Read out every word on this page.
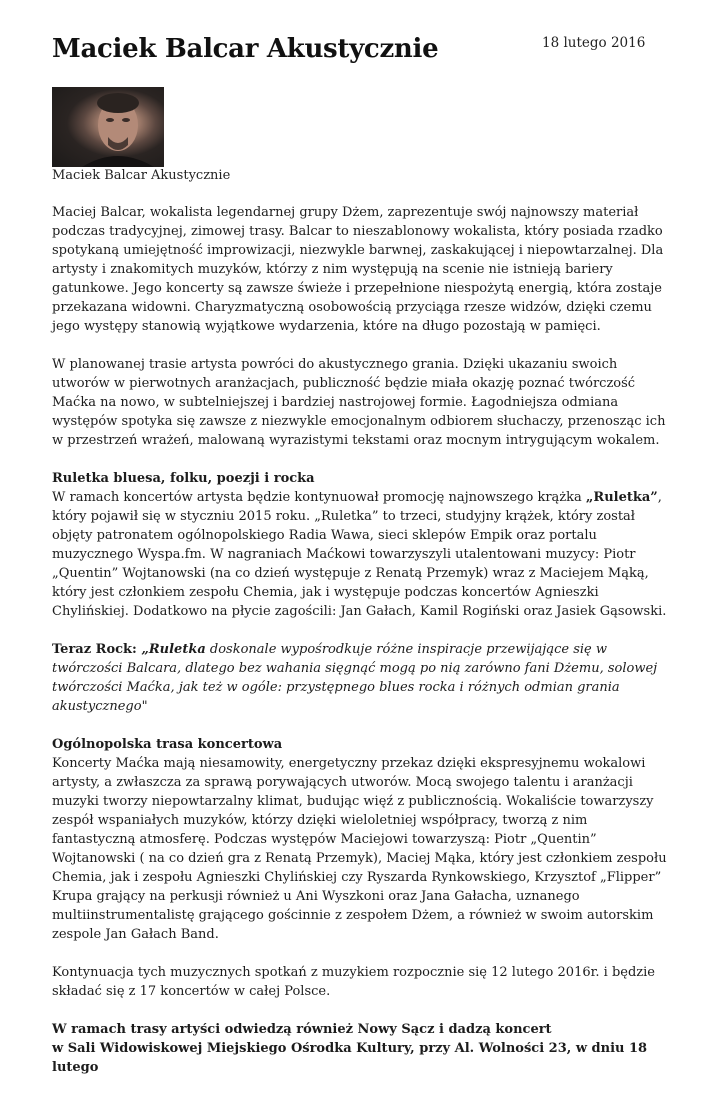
Maciek Balcar Akustycznie	18 lutego 2016
Maciek Balcar Akustycznie

Maciej Balcar, wokalista legendarnej grupy Dżem, zaprezentuje swój najnowszy materiał podczas tradycyjnej, zimowej trasy. Balcar to nieszablonowy wokalista, który posiada rzadko spotykaną umiejętność improwizacji, niezwykle barwnej, zaskakującej i niepowtarzalnej. Dla artysty i znakomitych muzyków, którzy z nim występują na scenie nie istnieją bariery gatunkowe. Jego koncerty są zawsze świeże i przepełnione niespożytą energią, która zostaje przekazana widowni. Charyzmatyczną osobowością przyciąga rzesze widzów, dzięki czemu jego występy stanowią wyjątkowe wydarzenia, które na długo pozostają w pamięci.

W planowanej trasie artysta powróci do akustycznego grania. Dzięki ukazaniu swoich utworów w pierwotnych aranżacjach, publiczność będzie miała okazję poznać twórczość Maćka na nowo, w subtelniejszej i bardziej nastrojowej formie. Łagodniejsza odmiana występów spotyka się zawsze z niezwykle emocjonalnym odbiorem słuchaczy, przenosząc ich w przestrzeń wrażeń, malowaną wyrazistymi tekstami oraz mocnym intrygującym wokalem.

Ruletka bluesa, folku, poezji i rocka
W ramach koncertów artysta będzie kontynuował promocję najnowszego krążka „Ruletka”, który pojawił się w styczniu 2015 roku. „Ruletka” to trzeci, studyjny krążek, który został objęty patronatem ogólnopolskiego Radia Wawa, sieci sklepów Empik oraz portalu muzycznego Wyspa.fm. W nagraniach Maćkowi towarzyszyli utalentowani muzycy: Piotr „Quentin” Wojtanowski (na co dzień występuje z Renatą Przemyk) wraz z Maciejem Mąką, który jest członkiem zespołu Chemia, jak i występuje podczas koncertów Agnieszki Chylińskiej. Dodatkowo na płycie zagościli: Jan Gałach, Kamil Rogiński oraz Jasiek Gąsowski.

Teraz Rock: „Ruletka doskonale wypośrodkuje różne inspiracje przewijające się w twórczości Balcara, dlatego bez wahania sięgnąć mogą po nią zarówno fani Dżemu, solowej twórczości Maćka, jak też w ogóle: przystępnego blues rocka i różnych odmian grania akustycznego"

Ogólnopolska trasa koncertowa
Koncerty Maćka mają niesamowity, energetyczny przekaz dzięki ekspresyjnemu wokalowi artysty, a zwłaszcza za sprawą porywających utworów. Mocą swojego talentu i aranżacji muzyki tworzy niepowtarzalny klimat, budując więź z publicznością. Wokaliście towarzyszy zespół wspaniałych muzyków, którzy dzięki wieloletniej współpracy, tworzą z nim fantastyczną atmosferę. Podczas występów Maciejowi towarzyszą: Piotr „Quentin” Wojtanowski ( na co dzień gra z Renatą Przemyk), Maciej Mąka, który jest członkiem zespołu Chemia, jak i zespołu Agnieszki Chylińskiej czy Ryszarda Rynkowskiego, Krzysztof „Flipper” Krupa grający na perkusji również u Ani Wyszkoni oraz Jana Gałacha, uznanego multiinstrumentalistę grającego gościnnie z zespołem Dżem, a również w swoim autorskim zespole Jan Gałach Band.

Kontynuacja tych muzycznych spotkań z muzykiem rozpocznie się 12 lutego 2016r. i będzie składać się z 17 koncertów w całej Polsce.

W ramach trasy artyści odwiedzą również Nowy Sącz i dadzą koncert
w Sali Widowiskowej Miejskiego Ośrodka Kultury, przy Al. Wolności 23, w dniu 18 lutego
